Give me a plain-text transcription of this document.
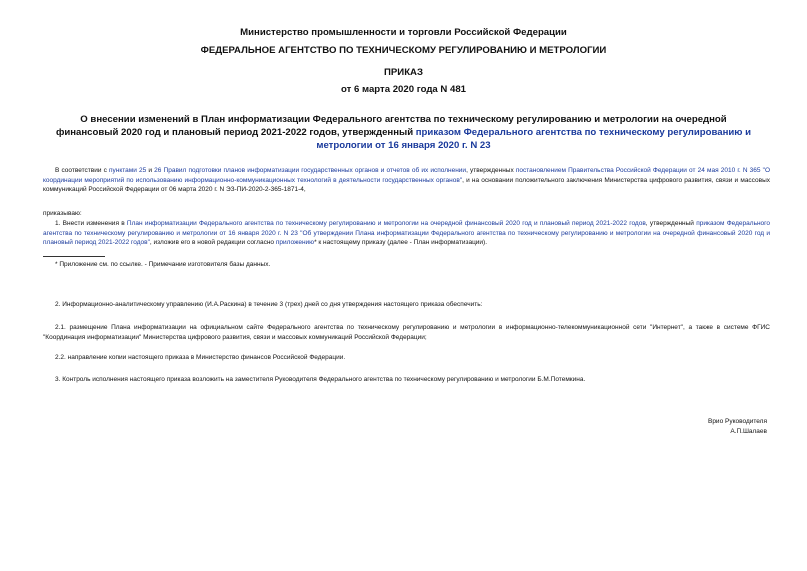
Министерство промышленности и торговли Российской Федерации
ФЕДЕРАЛЬНОЕ АГЕНТСТВО ПО ТЕХНИЧЕСКОМУ РЕГУЛИРОВАНИЮ И МЕТРОЛОГИИ
ПРИКАЗ
от 6 марта 2020 года N 481
О внесении изменений в План информатизации Федерального агентства по техническому регулированию и метрологии на очередной финансовый 2020 год и плановый период 2021-2022 годов, утвержденный приказом Федерального агентства по техническому регулированию и метрологии от 16 января 2020 г. N 23
В соответствии с пунктами 25 и 26 Правил подготовки планов информатизации государственных органов и отчетов об их исполнении, утвержденных постановлением Правительства Российской Федерации от 24 мая 2010 г. N 365 "О координации мероприятий по использованию информационно-коммуникационных технологий в деятельности государственных органов", и на основании положительного заключения Министерства цифрового развития, связи и массовых коммуникаций Российской Федерации от 06 марта 2020 г. N ЭЗ-ПИ-2020-2-365-1871-4,
приказываю:
1. Внести изменения в План информатизации Федерального агентства по техническому регулированию и метрологии на очередной финансовый 2020 год и плановый период 2021-2022 годов, утвержденный приказом Федерального агентства по техническому регулированию и метрологии от 16 января 2020 г. N 23 "Об утверждении Плана информатизации Федерального агентства по техническому регулированию и метрологии на очередной финансовый 2020 год и плановый период 2021-2022 годов", изложив его в новой редакции согласно приложению* к настоящему приказу (далее - План информатизации).
* Приложение см. по ссылке. - Примечание изготовителя базы данных.
2. Информационно-аналитическому управлению (И.А.Раскина) в течение 3 (трех) дней со дня утверждения настоящего приказа обеспечить:
2.1. размещение Плана информатизации на официальном сайте Федерального агентства по техническому регулированию и метрологии в информационно-телекоммуникационной сети "Интернет", а также в системе ФГИС "Координация информатизации" Министерства цифрового развития, связи и массовых коммуникаций Российской Федерации;
2.2. направление копии настоящего приказа в Министерство финансов Российской Федерации.
3. Контроль исполнения настоящего приказа возложить на заместителя Руководителя Федерального агентства по техническому регулированию и метрологии Б.М.Потемкина.
Врио Руководителя
А.П.Шалаев
